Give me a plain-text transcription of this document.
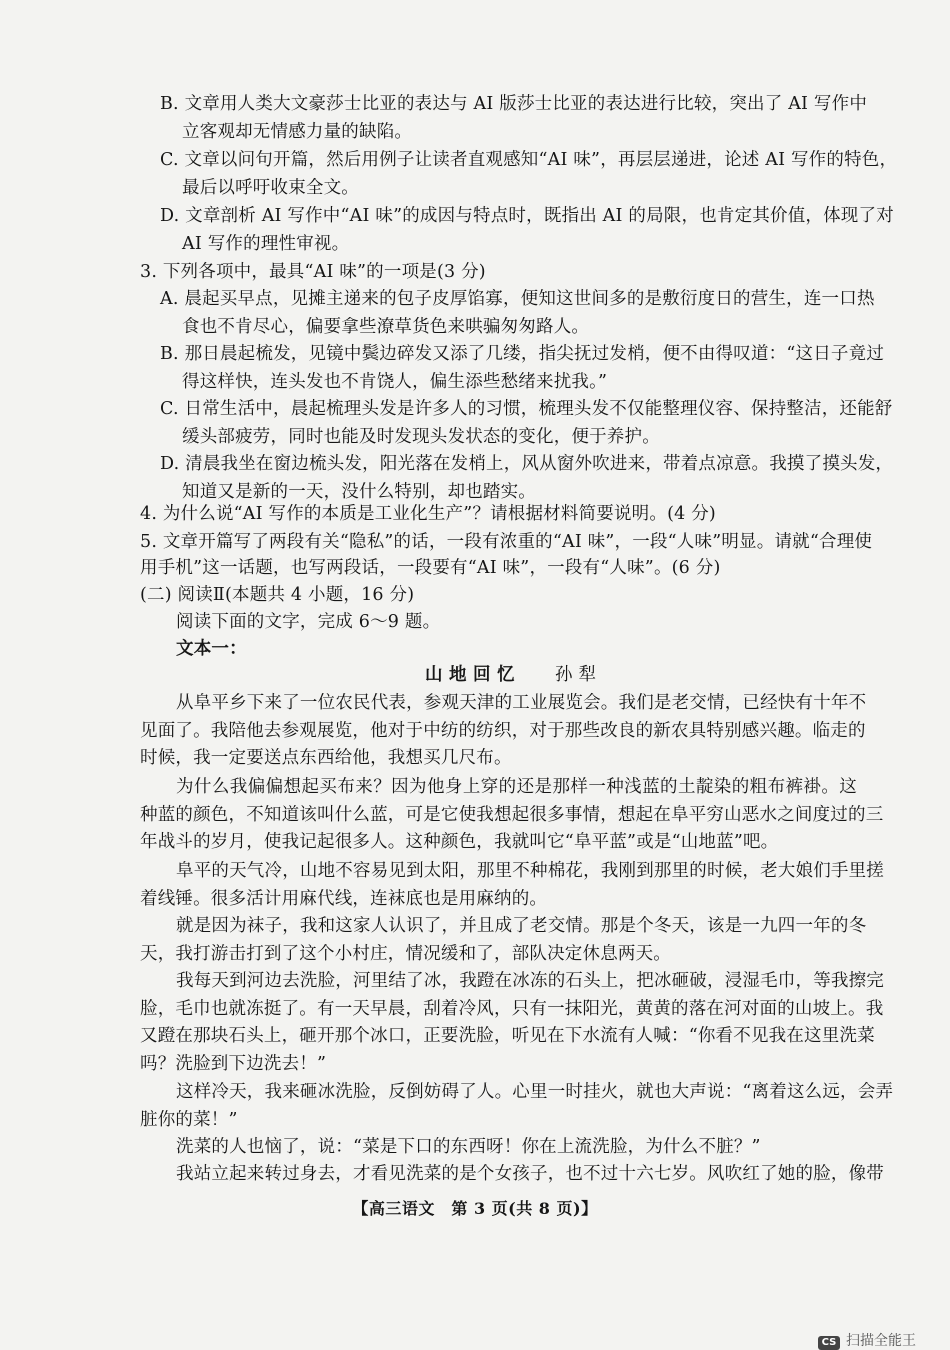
B. 文章用人类大文豪莎士比亚的表达与 AI 版莎士比亚的表达进行比较，突出了 AI 写作中
立客观却无情感力量的缺陷。
C. 文章以问句开篇，然后用例子让读者直观感知“AI 味”，再层层递进，论述 AI 写作的特色，
最后以呼吁收束全文。
D. 文章剖析 AI 写作中“AI 味”的成因与特点时，既指出 AI 的局限，也肯定其价值，体现了对
AI 写作的理性审视。
3. 下列各项中，最具“AI 味”的一项是(3 分)
A. 晨起买早点，见摊主递来的包子皮厚馅寡，便知这世间多的是敷衍度日的营生，连一口热
食也不肯尽心，偏要拿些潦草货色来哄骗匆匆路人。
B. 那日晨起梳发，见镜中鬓边碎发又添了几缕，指尖抚过发梢，便不由得叹道：“这日子竟过
得这样快，连头发也不肯饶人，偏生添些愁绪来扰我。”
C. 日常生活中，晨起梳理头发是许多人的习惯，梳理头发不仅能整理仪容、保持整洁，还能舒
缓头部疲劳，同时也能及时发现头发状态的变化，便于养护。
D. 清晨我坐在窗边梳头发，阳光落在发梢上，风从窗外吹进来，带着点凉意。我摸了摸头发，
知道又是新的一天，没什么特别，却也踏实。
4. 为什么说“AI 写作的本质是工业化生产”？请根据材料简要说明。(4 分)
5. 文章开篇写了两段有关“隐私”的话，一段有浓重的“AI 味”，一段“人味”明显。请就“合理使
用手机”这一话题，也写两段话，一段要有“AI 味”，一段有“人味”。(6 分)
(二) 阅读Ⅱ(本题共 4 小题，16 分)
阅读下面的文字，完成 6～9 题。
文本一：
山 地 回 忆	孙 犁
从阜平乡下来了一位农民代表，参观天津的工业展览会。我们是老交情，已经快有十年不
见面了。我陪他去参观展览，他对于中纺的纺织，对于那些改良的新农具特别感兴趣。临走的
时候，我一定要送点东西给他，我想买几尺布。
为什么我偏偏想起买布来？因为他身上穿的还是那样一种浅蓝的土靛染的粗布裤褂。这
种蓝的颜色，不知道该叫什么蓝，可是它使我想起很多事情，想起在阜平穷山恶水之间度过的三
年战斗的岁月，使我记起很多人。这种颜色，我就叫它“阜平蓝”或是“山地蓝”吧。
阜平的天气冷，山地不容易见到太阳，那里不种棉花，我刚到那里的时候，老大娘们手里搓
着线锤。很多活计用麻代线，连袜底也是用麻纳的。
就是因为袜子，我和这家人认识了，并且成了老交情。那是个冬天，该是一九四一年的冬
天，我打游击打到了这个小村庄，情况缓和了，部队决定休息两天。
我每天到河边去洗脸，河里结了冰，我蹬在冰冻的石头上，把冰砸破，浸湿毛巾，等我擦完
脸，毛巾也就冻挺了。有一天早晨，刮着冷风，只有一抹阳光，黄黄的落在河对面的山坡上。我
又蹬在那块石头上，砸开那个冰口，正要洗脸，听见在下水流有人喊：“你看不见我在这里洗菜
吗？洗脸到下边洗去！”
这样冷天，我来砸冰洗脸，反倒妨碍了人。心里一时挂火，就也大声说：“离着这么远，会弄
脏你的菜！”
洗菜的人也恼了，说：“菜是下口的东西呀！你在上流洗脸，为什么不脏？”
我站立起来转过身去，才看见洗菜的是个女孩子，也不过十六七岁。风吹红了她的脸，像带
【高三语文　第 3 页(共 8 页)】
CS 扫描全能王
